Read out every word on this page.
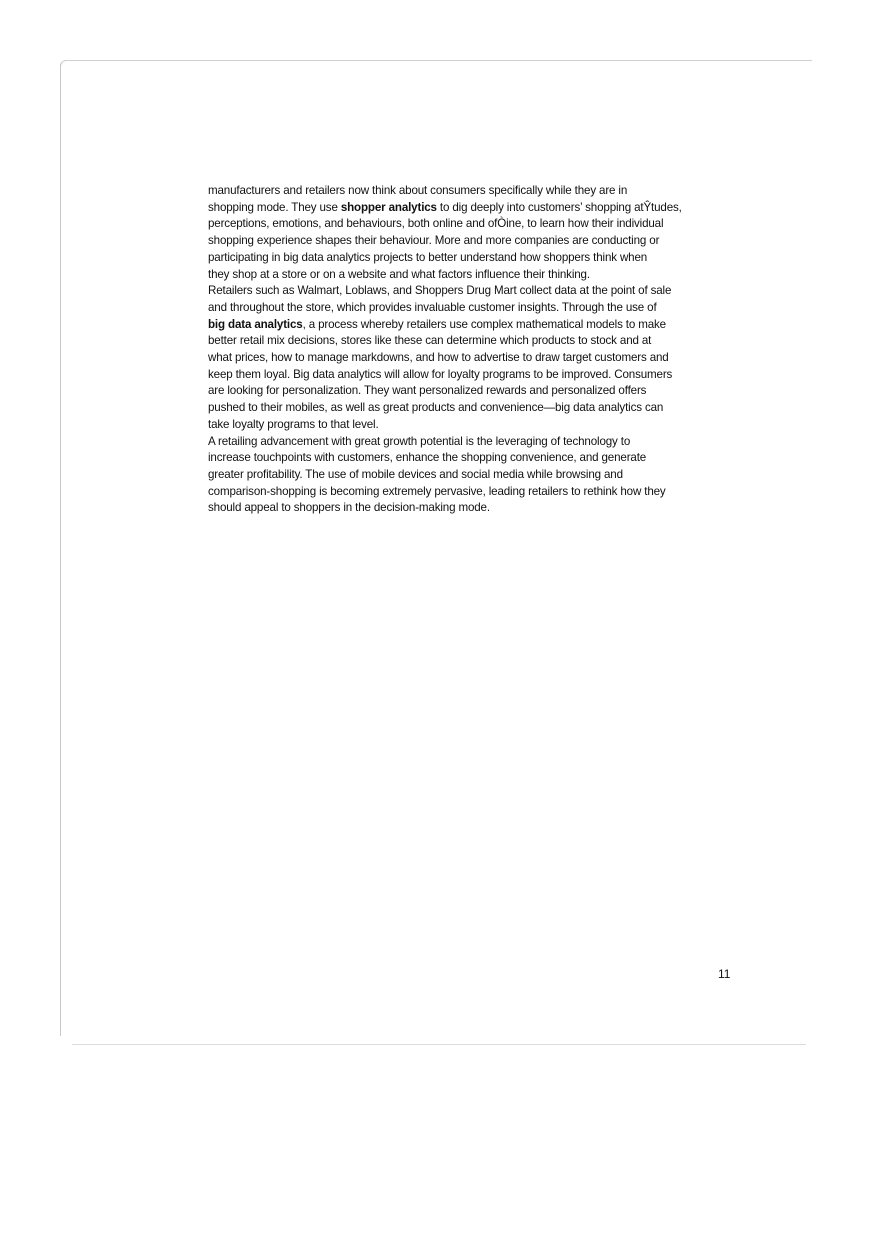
manufacturers and retailers now think about consumers specifically while they are in
shopping mode. They use shopper analytics to dig deeply into customers’ shopping atŶtudes,
perceptions, emotions, and behaviours, both online and ofÒine, to learn how their individual
shopping experience shapes their behaviour. More and more companies are conducting or
participating in big data analytics projects to better understand how shoppers think when
they shop at a store or on a website and what factors influence their thinking.
Retailers such as Walmart, Loblaws, and Shoppers Drug Mart collect data at the point of sale
and throughout the store, which provides invaluable customer insights. Through the use of
big data analytics, a process whereby retailers use complex mathematical models to make
better retail mix decisions, stores like these can determine which products to stock and at
what prices, how to manage markdowns, and how to advertise to draw target customers and
keep them loyal. Big data analytics will allow for loyalty programs to be improved. Consumers
are looking for personalization. They want personalized rewards and personalized offers
pushed to their mobiles, as well as great products and convenience—big data analytics can
take loyalty programs to that level.
A retailing advancement with great growth potential is the leveraging of technology to
increase touchpoints with customers, enhance the shopping convenience, and generate
greater profitability. The use of mobile devices and social media while browsing and
comparison-shopping is becoming extremely pervasive, leading retailers to rethink how they
should appeal to shoppers in the decision-making mode.
11
